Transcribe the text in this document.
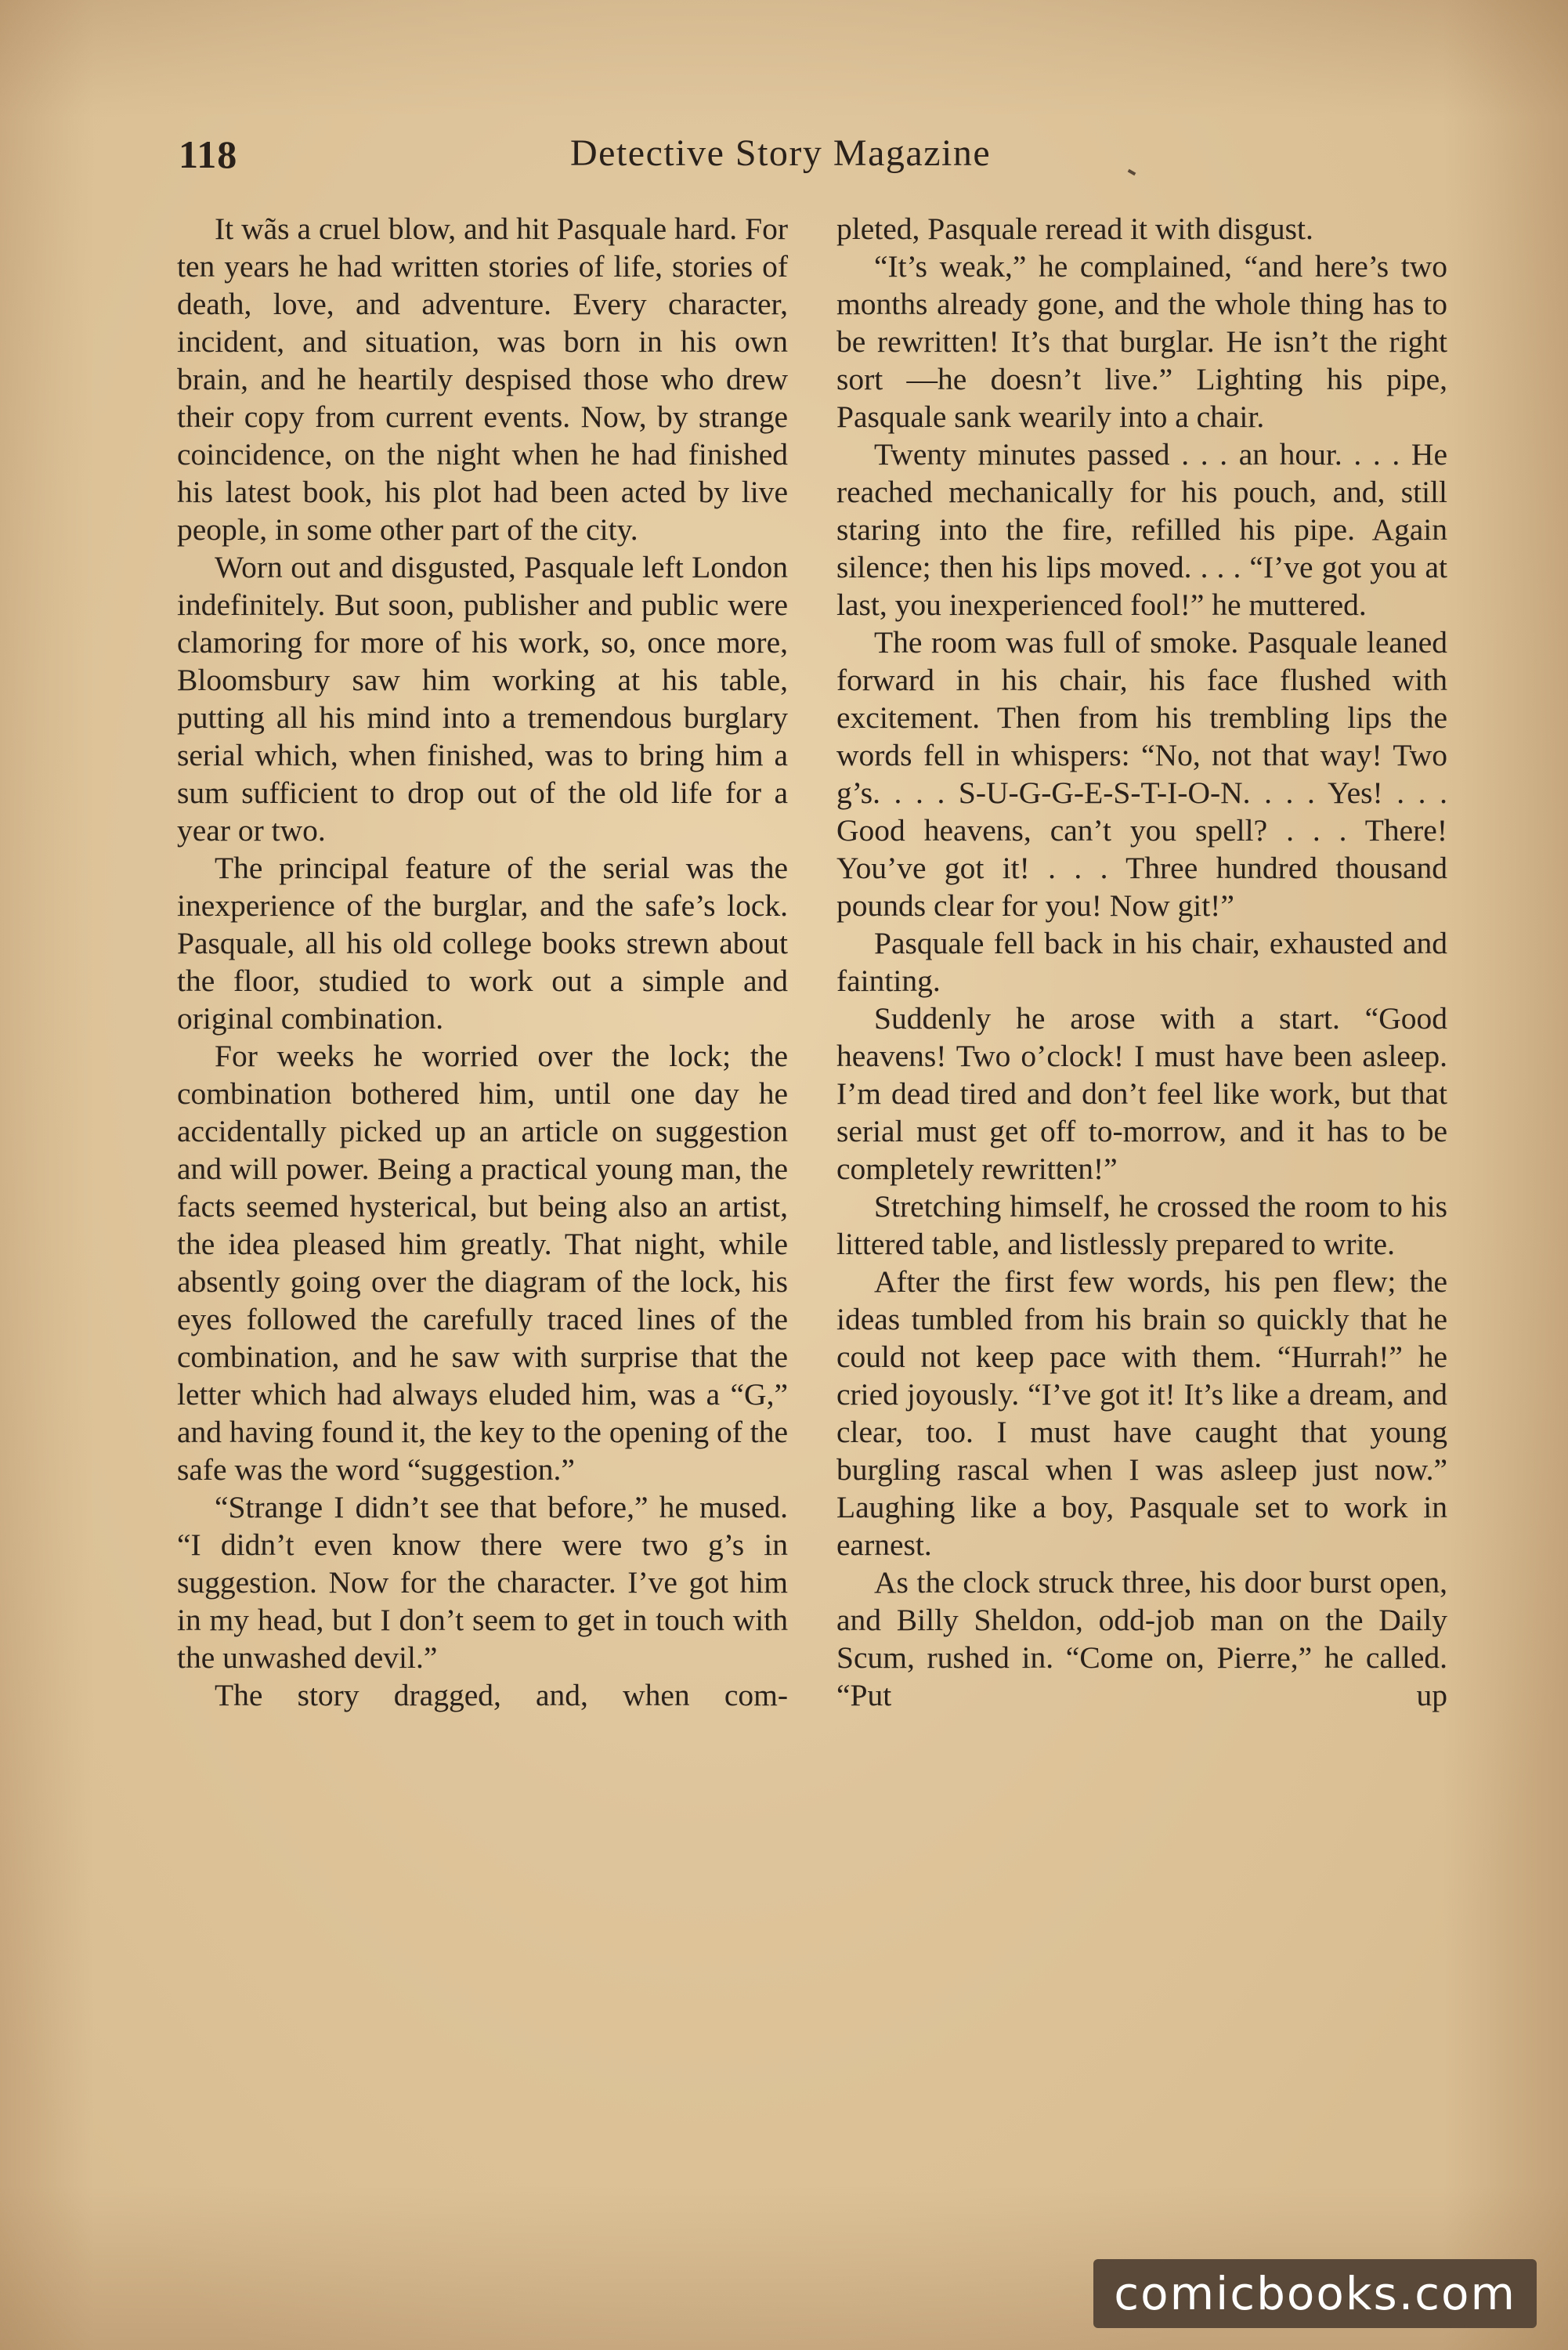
118	Detective Story Magazine

It wãs a cruel blow, and hit Pasquale hard. For ten years he had written stories of life, stories of death, love, and adventure. Every character, incident, and situation, was born in his own brain, and he heartily despised those who drew their copy from current events. Now, by strange coincidence, on the night when he had finished his latest book, his plot had been acted by live people, in some other part of the city.

Worn out and disgusted, Pasquale left London indefinitely. But soon, publisher and public were clamoring for more of his work, so, once more, Bloomsbury saw him working at his table, putting all his mind into a tremendous burglary serial which, when finished, was to bring him a sum sufficient to drop out of the old life for a year or two.

The principal feature of the serial was the inexperience of the burglar, and the safe’s lock. Pasquale, all his old college books strewn about the floor, studied to work out a simple and original combination.

For weeks he worried over the lock; the combination bothered him, until one day he accidentally picked up an article on suggestion and will power. Being a practical young man, the facts seemed hysterical, but being also an artist, the idea pleased him greatly. That night, while absently going over the diagram of the lock, his eyes followed the carefully traced lines of the combination, and he saw with surprise that the letter which had always eluded him, was a “G,” and having found it, the key to the opening of the safe was the word “suggestion.”

“Strange I didn’t see that before,” he mused. “I didn’t even know there were two g’s in suggestion. Now for the character. I’ve got him in my head, but I don’t seem to get in touch with the unwashed devil.”

The story dragged, and, when com-

pleted, Pasquale reread it with disgust.

“It’s weak,” he complained, “and here’s two months already gone, and the whole thing has to be rewritten! It’s that burglar. He isn’t the right sort —he doesn’t live.” Lighting his pipe, Pasquale sank wearily into a chair.

Twenty minutes passed . . . an hour. . . . He reached mechanically for his pouch, and, still staring into the fire, refilled his pipe. Again silence; then his lips moved. . . . “I’ve got you at last, you inexperienced fool!” he muttered.

The room was full of smoke. Pasquale leaned forward in his chair, his face flushed with excitement. Then from his trembling lips the words fell in whispers: “No, not that way! Two g’s. . . . S-U-G-G-E-S-T-I-O-N. . . . Yes! . . . Good heavens, can’t you spell? . . . There! You’ve got it! . . . Three hundred thousand pounds clear for you! Now git!”

Pasquale fell back in his chair, exhausted and fainting.

Suddenly he arose with a start. “Good heavens! Two o’clock! I must have been asleep. I’m dead tired and don’t feel like work, but that serial must get off to-morrow, and it has to be completely rewritten!”

Stretching himself, he crossed the room to his littered table, and listlessly prepared to write.

After the first few words, his pen flew; the ideas tumbled from his brain so quickly that he could not keep pace with them. “Hurrah!” he cried joyously. “I’ve got it! It’s like a dream, and clear, too. I must have caught that young burgling rascal when I was asleep just now.” Laughing like a boy, Pasquale set to work in earnest.

As the clock struck three, his door burst open, and Billy Sheldon, odd-job man on the Daily Scum, rushed in. “Come on, Pierre,” he called. “Put up

comicbooks.com
